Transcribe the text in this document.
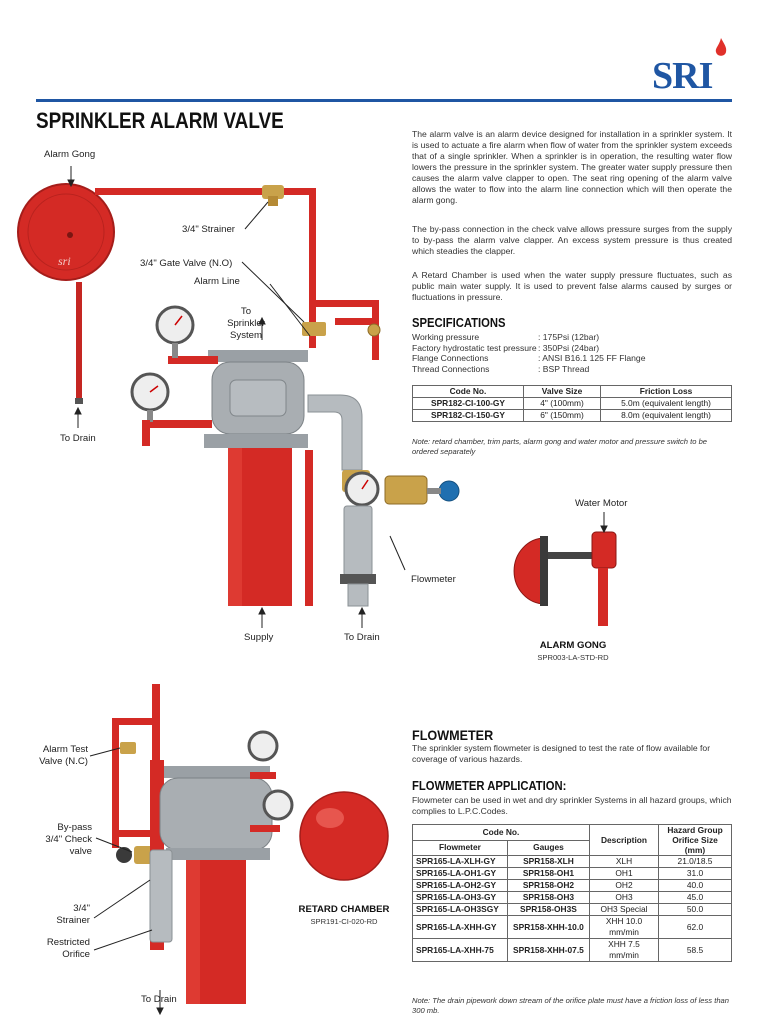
SRI
SPRINKLER ALARM VALVE
The alarm valve is an alarm device designed for installation in a sprinkler system. It is used to actuate a fire alarm when flow of water from the sprinkler system exceeds that of a single sprinkler. When a sprinkler is in operation, the resulting water flow lowers the pressure in the sprinkler system. The greater water supply pressure then causes the alarm valve clapper to open. The seat ring opening of the alarm valve allows the water to flow into the alarm line connection which will then operate the alarm gong.
The by-pass connection in the check valve allows pressure surges from the supply to by-pass the alarm valve clapper. An excess system pressure is thus created which steadies the clapper.
A Retard Chamber is used when the water supply pressure fluctuates, such as public main water supply. It is used to prevent false alarms caused by surges or fluctuations in pressure.
SPECIFICATIONS
Working pressure	: 175Psi (12bar)
Factory hydrostatic test pressure : 350Psi (24bar)
Flange Connections	: ANSI B16.1 125 FF Flange
Thread Connections	: BSP Thread
Code No.	Valve Size	Friction Loss
SPR182-CI-100-GY	4" (100mm)	5.0m (equivalent length)
SPR182-CI-150-GY	6" (150mm)	8.0m (equivalent length)
Note: retard chamber, trim parts, alarm gong and water motor and pressure switch to be ordered separately
sri
Alarm Gong
3/4" Strainer
3/4" Gate Valve (N.O)
Alarm Line
To
Sprinkler
System
To Drain
Flowmeter
Supply	To Drain
Water Motor
ALARM GONG
SPR003-LA-STD-RD
Alarm Test
Valve (N.C)
By-pass
3/4" Check
valve
3/4"
Strainer
Restricted
Orifice
To Drain
RETARD CHAMBER
SPR191-CI-020-RD
FLOWMETER
The sprinkler system flowmeter is designed to test the rate of flow available for coverage of various hazards.
FLOWMETER APPLICATION:
Flowmeter can be used in wet and dry sprinkler Systems in all hazard groups, which complies to L.P.C.Codes.
Code No.		Description	Hazard Group
Orifice Size (mm)

Flowmeter	Gauges		
SPR165-LA-XLH-GY	SPR158-XLH	XLH	21.0/18.5
SPR165-LA-OH1-GY	SPR158-OH1	OH1	31.0
SPR165-LA-OH2-GY	SPR158-OH2	OH2	40.0
SPR165-LA-OH3-GY	SPR158-OH3	OH3	45.0
SPR165-LA-OH3SGY	SPR158-OH3S	OH3 Special	50.0
SPR165-LA-XHH-GY	SPR158-XHH-10.0	XHH 10.0 mm/min	62.0
SPR165-LA-XHH-75	SPR158-XHH-07.5	XHH 7.5 mm/min	58.5
Note: The drain pipework down stream of the orifice plate must have a friction loss of less than 300 mb.
